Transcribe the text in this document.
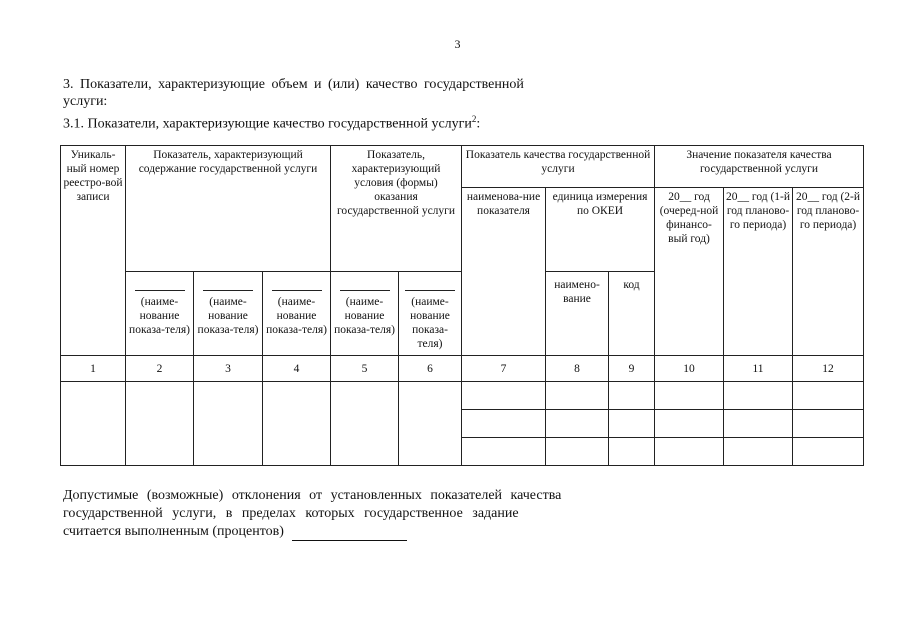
3
3. Показатели, характеризующие объем и (или) качество государственной
услуги:
3.1. Показатели, характеризующие качество государственной услуги$^2$:
Уникаль-ный номер реестро-вой записи	Показатель, характеризующий содержание государственной услуги			Показатель, характеризующий условия (формы) оказания государственной услуги		Показатель качества государственной услуги			Значение показателя качества государственной услуги		
						наименова-ние показателя	единица измерения по ОКЕИ		20__ год (очеред-ной финансо-вый год)	20__ год (1-й год планово-го периода)	20__ год (2-й год планово-го периода)

	(наиме-нование показа-теля)	(наиме-нование показа-теля)	(наиме-нование показа-теля)	(наиме-нование показа-теля)	(наиме-нование показа-теля)		наимено-вание	код			
1	2	3	4	5	6	7	8	9	10	11	12

Допустимые (возможные) отклонения от установленных показателей качества
государственной услуги, в пределах которых государственное задание
считается выполненным (процентов)
